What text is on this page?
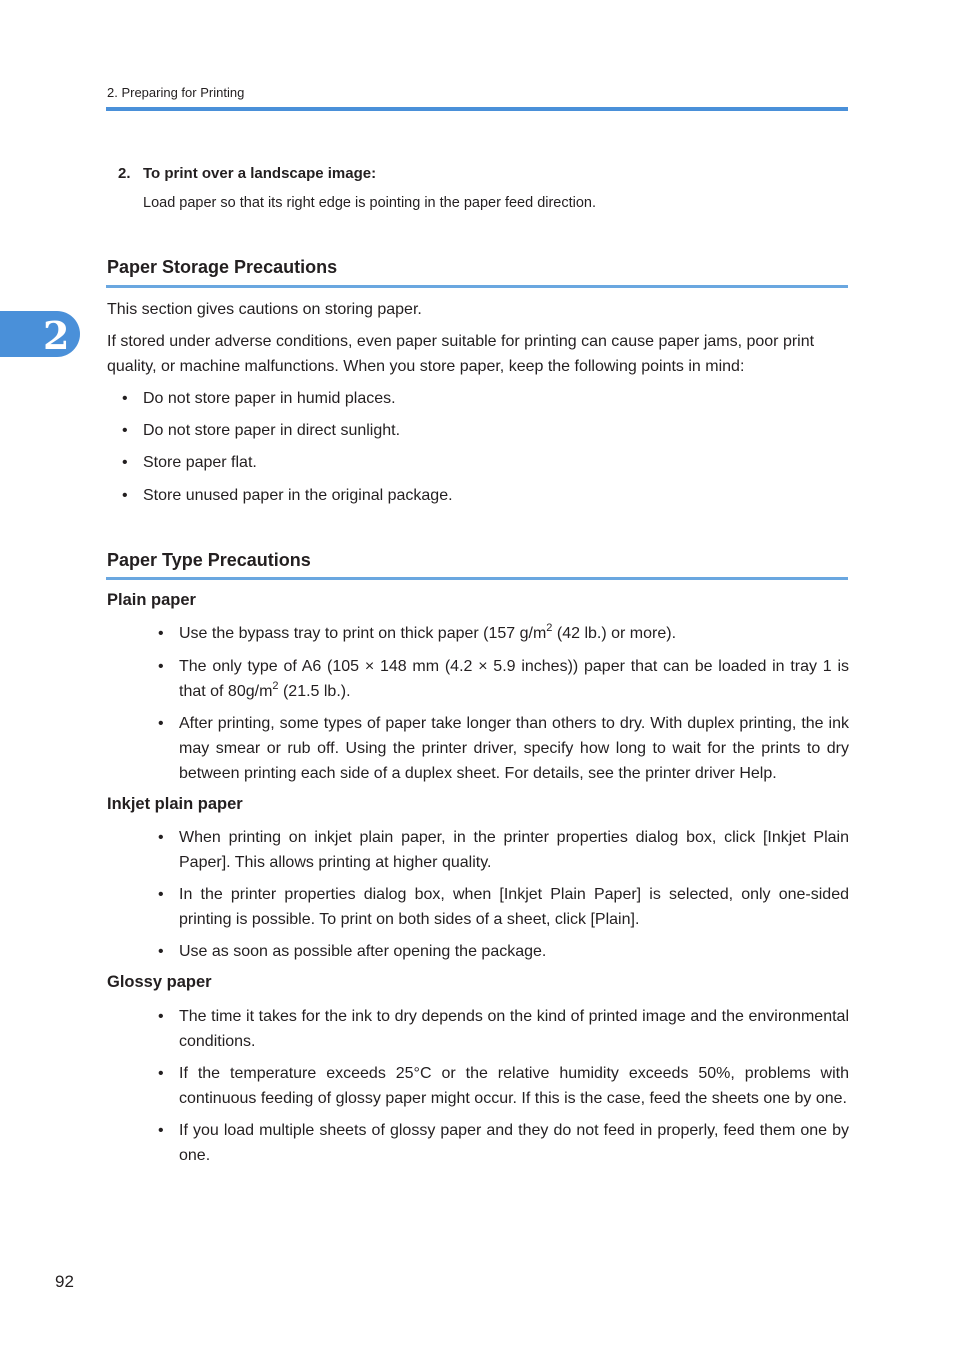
2. Preparing for Printing
2
2. To print over a landscape image:
Load paper so that its right edge is pointing in the paper feed direction.
Paper Storage Precautions

This section gives cautions on storing paper.

If stored under adverse conditions, even paper suitable for printing can cause paper jams, poor print quality, or machine malfunctions. When you store paper, keep the following points in mind:

• Do not store paper in humid places.
• Do not store paper in direct sunlight.
• Store paper flat.
• Store unused paper in the original package.
Paper Type Precautions
Plain paper
• Use the bypass tray to print on thick paper (157 $g/m^2$ (42 lb.) or more).
• The only type of A6 (105 × 148 mm (4.2 × 5.9 inches)) paper that can be loaded in tray 1 is that of $80g/m^2$ (21.5 lb.).
• After printing, some types of paper take longer than others to dry. With duplex printing, the ink may smear or rub off. Using the printer driver, specify how long to wait for the prints to dry between printing each side of a duplex sheet. For details, see the printer driver Help.
Inkjet plain paper
• When printing on inkjet plain paper, in the printer properties dialog box, click [Inkjet Plain Paper]. This allows printing at higher quality.
• In the printer properties dialog box, when [Inkjet Plain Paper] is selected, only one-sided printing is possible. To print on both sides of a sheet, click [Plain].
• Use as soon as possible after opening the package.
Glossy paper
• The time it takes for the ink to dry depends on the kind of printed image and the environmental conditions.
• If the temperature exceeds 25°C or the relative humidity exceeds 50%, problems with continuous feeding of glossy paper might occur. If this is the case, feed the sheets one by one.
• If you load multiple sheets of glossy paper and they do not feed in properly, feed them one by one.
92
